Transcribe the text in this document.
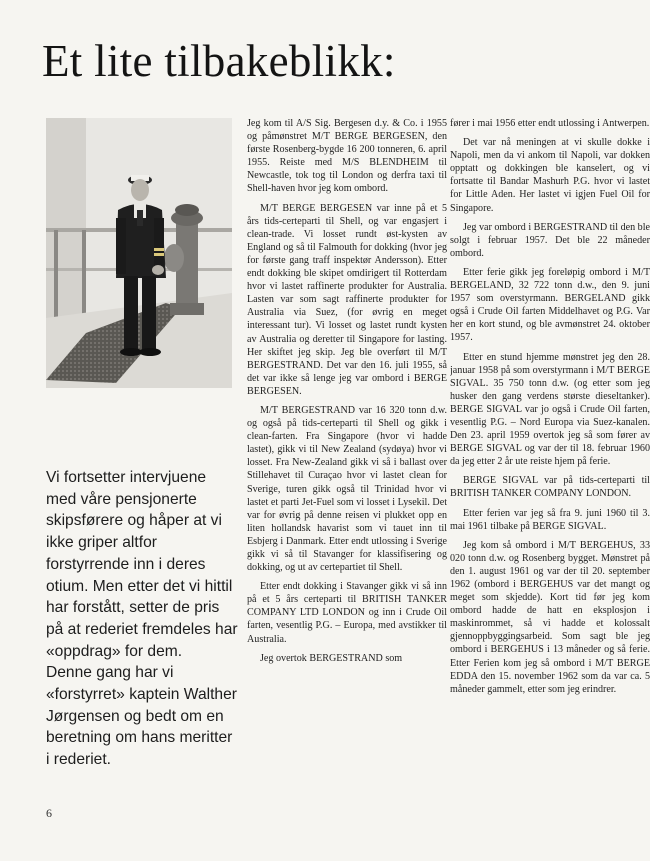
Et lite tilbakeblikk:

Vi fortsetter intervjuene med våre pensjonerte skipsførere og håper at vi ikke griper altfor forstyrrende inn i deres otium. Men etter det vi hittil har forstått, setter de pris på at rederiet fremdeles har «oppdrag» for dem.

Denne gang har vi «forstyrret» kaptein Walther Jørgensen og bedt om en beretning om hans meritter i rederiet.

Jeg kom til A/S Sig. Bergesen d.y. & Co. i 1955 og påmønstret M/T BERGE BERGESEN, den første Rosenberg-bygde 16 200 tonneren, 6. april 1955. Reiste med M/S BLENDHEIM til Newcastle, tok tog til London og derfra taxi til Shell-haven hvor jeg kom ombord.

M/T BERGE BERGESEN var inne på et 5 års tids-certeparti til Shell, og var engasjert i clean-trade. Vi losset rundt øst-kysten av England og så til Falmouth for dokking (hvor jeg for første gang traff inspektør Andersson). Etter endt dokking ble skipet omdirigert til Rotterdam hvor vi lastet raffinerte produkter for Australia. Lasten var som sagt raffinerte produkter for Australia via Suez, (for øvrig en meget interessant tur). Vi losset og lastet rundt kysten av Australia og deretter til Singapore for lasting. Her skiftet jeg skip. Jeg ble overført til M/T BERGESTRAND. Det var den 16. juli 1955, så det var ikke så lenge jeg var ombord i BERGE BERGESEN.

M/T BERGESTRAND var 16 320 tonn d.w. og også på tids-certeparti til Shell og gikk i clean-farten. Fra Singapore (hvor vi hadde lastet), gikk vi til New Zealand (sydøya) hvor vi losset. Fra New-Zealand gikk vi så i ballast over Stillehavet til Curaçao hvor vi lastet clean for Sverige, turen gikk også til Trinidad hvor vi lastet et parti Jet-Fuel som vi losset i Lysekil. Det var for øvrig på denne reisen vi plukket opp en liten hollandsk havarist som vi tauet inn til Esbjerg i Danmark. Etter endt utlossing i Sverige gikk vi så til Stavanger for klassifisering og dokking, og ut av certepartiet til Shell.

Etter endt dokking i Stavanger gikk vi så inn på et 5 års certeparti til BRITISH TANKER COMPANY LTD LONDON og inn i Crude Oil farten, vesentlig P.G. – Europa, med avstikker til Australia.

Jeg overtok BERGESTRAND som

fører i mai 1956 etter endt utlossing i Antwerpen.

Det var nå meningen at vi skulle dokke i Napoli, men da vi ankom til Napoli, var dokken opptatt og dokkingen ble kanselert, og vi fortsatte til Bandar Mashurh P.G. hvor vi lastet for Little Aden. Her lastet vi igjen Fuel Oil for Singapore.

Jeg var ombord i BERGESTRAND til den ble solgt i februar 1957. Det ble 22 måneder ombord.

Etter ferie gikk jeg foreløpig ombord i M/T BERGELAND, 32 722 tonn d.w., den 9. juni 1957 som overstyrmann. BERGELAND gikk også i Crude Oil farten Middelhavet og P.G. Var her en kort stund, og ble avmønstret 24. oktober 1957.

Etter en stund hjemme mønstret jeg den 28. januar 1958 på som overstyrmann i M/T BERGE SIGVAL. 35 750 tonn d.w. (og etter som jeg husker den gang verdens største dieseltanker). BERGE SIGVAL var jo også i Crude Oil farten, vesentlig P.G. – Nord Europa via Suez-kanalen. Den 23. april 1959 overtok jeg så som fører av BERGE SIGVAL og var der til 18. februar 1960 da jeg etter 2 år ute reiste hjem på ferie.

BERGE SIGVAL var på tids-certeparti til BRITISH TANKER COMPANY LONDON.

Etter ferien var jeg så fra 9. juni 1960 til 3. mai 1961 tilbake på BERGE SIGVAL.

Jeg kom så ombord i M/T BERGEHUS, 33 020 tonn d.w. og Rosenberg bygget. Mønstret på den 1. august 1961 og var der til 20. september 1962 (ombord i BERGEHUS var det mangt og meget som skjedde). Kort tid før jeg kom ombord hadde de hatt en eksplosjon i maskinrommet, så vi hadde et kolossalt gjennoppbyggingsarbeid. Som sagt ble jeg ombord i BERGEHUS i 13 måneder og så ferie. Etter Ferien kom jeg så ombord i M/T BERGE EDDA den 15. november 1962 som da var ca. 5 måneder gammelt, etter som jeg erindrer.

6
